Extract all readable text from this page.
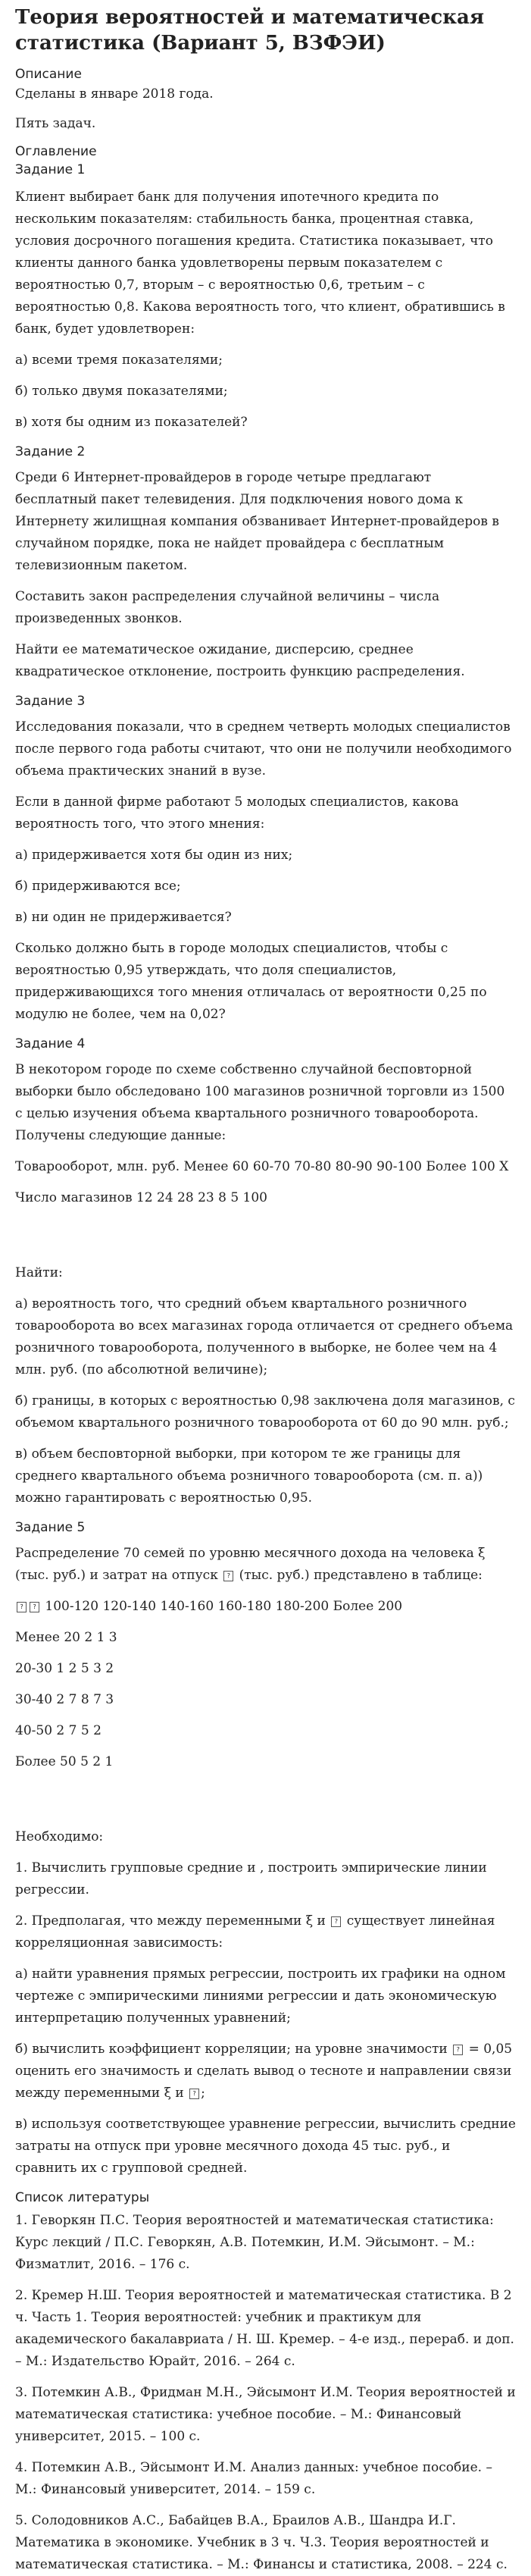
Теория вероятностей и математическая статистика (Вариант 5, ВЗФЭИ)
Описание

Сделаны в январе 2018 года.

Пять задач.

Оглавление
Задание 1

Клиент выбирает банк для получения ипотечного кредита по нескольким показателям: стабильность банка, процентная ставка, условия досрочного погашения кредита. Статистика показывает, что клиенты данного банка удовлетворены первым показателем с вероятностью 0,7, вторым – с вероятностью 0,6, третьим – с вероятностью 0,8. Какова вероятность того, что клиент, обратившись в банк, будет удовлетворен:

а) всеми тремя показателями;

б) только двумя показателями;

в) хотя бы одним из показателей?

Задание 2

Среди 6 Интернет-провайдеров в городе четыре предлагают бесплатный пакет телевидения. Для подключения нового дома к Интернету жилищная компания обзванивает Интернет-провайдеров в случайном порядке, пока не найдет провайдера с бесплатным телевизионным пакетом.

Составить закон распределения случайной величины – числа произведенных звонков.

Найти ее математическое ожидание, дисперсию, среднее квадратическое отклонение, построить функцию распределения.

Задание 3

Исследования показали, что в среднем четверть молодых специалистов после первого года работы считают, что они не получили необходимого объема практических знаний в вузе.

Если в данной фирме работают 5 молодых специалистов, какова вероятность того, что этого мнения:

а) придерживается хотя бы один из них;

б) придерживаются все;

в) ни один не придерживается?

Сколько должно быть в городе молодых специалистов, чтобы с вероятностью 0,95 утверждать, что доля специалистов, придерживающихся того мнения отличалась от вероятности 0,25 по модулю не более, чем на 0,02?

Задание 4

В некотором городе по схеме собственно случайной бесповторной выборки было обследовано 100 магазинов розничной торговли из 1500 с целью изучения объема квартального розничного товарооборота. Получены следующие данные:

Товарооборот, млн. руб. Менее 60 60-70 70-80 80-90 90-100 Более 100 X

Число магазинов 12 24 28 23 8 5 100

Найти:

а) вероятность того, что средний объем квартального розничного товарооборота во всех магазинах города отличается от среднего объема розничного товарооборота, полученного в выборке, не более чем на 4 млн. руб. (по абсолютной величине);

б) границы, в которых с вероятностью 0,98 заключена доля магазинов, с объемом квартального розничного товарооборота от 60 до 90 млн. руб.;

в) объем бесповторной выборки, при котором те же границы для среднего квартального объема розничного товарооборота (см. п. а)) можно гарантировать с вероятностью 0,95.

Задание 5

Распределение 70 семей по уровню месячного дохода на человека ξ (тыс. руб.) и затрат на отпуск ? (тыс. руб.) представлено в таблице:

? ? 100-120 120-140 140-160 160-180 180-200 Более 200

Менее 20 2 1 3

20-30 1 2 5 3 2

30-40 2 7 8 7 3

40-50 2 7 5 2

Более 50 5 2 1

Необходимо:

1. Вычислить групповые средние и , построить эмпирические линии регрессии.

2. Предполагая, что между переменными ξ и ? существует линейная корреляционная зависимость:

а) найти уравнения прямых регрессии, построить их графики на одном чертеже с эмпирическими линиями регрессии и дать экономическую интерпретацию полученных уравнений;

б) вычислить коэффициент корреляции; на уровне значимости ? = 0,05 оценить его значимость и сделать вывод о тесноте и направлении связи между переменными ξ и ? ;

в) используя соответствующее уравнение регрессии, вычислить средние затраты на отпуск при уровне месячного дохода 45 тыс. руб., и сравнить их с групповой средней.

Список литературы

1. Геворкян П.С. Теория вероятностей и математическая статистика: Курс лекций / П.С. Геворкян, А.В. Потемкин, И.М. Эйсымонт. – М.: Физматлит, 2016. – 176 с.

2. Кремер Н.Ш. Теория вероятностей и математическая статистика. В 2 ч. Часть 1. Теория вероятностей: учебник и практикум для академического бакалавриата / Н. Ш. Кремер. – 4-е изд., перераб. и доп. – М.: Издательство Юрайт, 2016. – 264 с.

3. Потемкин А.В., Фридман М.Н., Эйсымонт И.М. Теория вероятностей и математическая статистика: учебное пособие. – М.: Финансовый университет, 2015. – 100 с.

4. Потемкин А.В., Эйсымонт И.М. Анализ данных: учебное пособие. – М.: Финансовый университет, 2014. – 159 с.

5. Солодовников А.С., Бабайцев В.А., Браилов А.В., Шандра И.Г. Математика в экономике. Учебник в 3 ч. Ч.3. Теория вероятностей и математическая статистика. – М.: Финансы и статистика, 2008. – 224 с.
